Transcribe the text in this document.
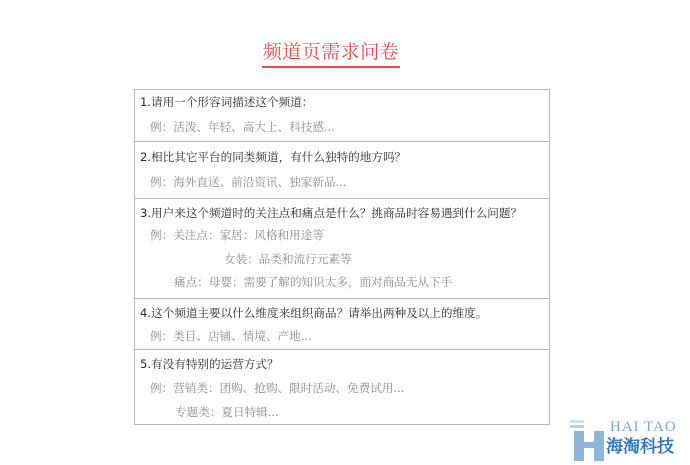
频道页需求问卷
1.请用一个形容词描述这个频道：
例：活泼、年轻、高大上、科技感...
2.相比其它平台的同类频道，有什么独特的地方吗？
例：海外直送、前沿资讯、独家新品...
3.用户来这个频道时的关注点和痛点是什么？挑商品时容易遇到什么问题？
例：关注点：家居：风格和用途等
女装：品类和流行元素等
痛点：母婴：需要了解的知识太多，面对商品无从下手
4.这个频道主要以什么维度来组织商品？请举出两种及以上的维度。
例：类目、店铺、情境、产地...
5.有没有特别的运营方式？
例：营销类：团购、抢购、限时活动、免费试用...
专题类：夏日特辑...
HAI TAO
海淘科技
